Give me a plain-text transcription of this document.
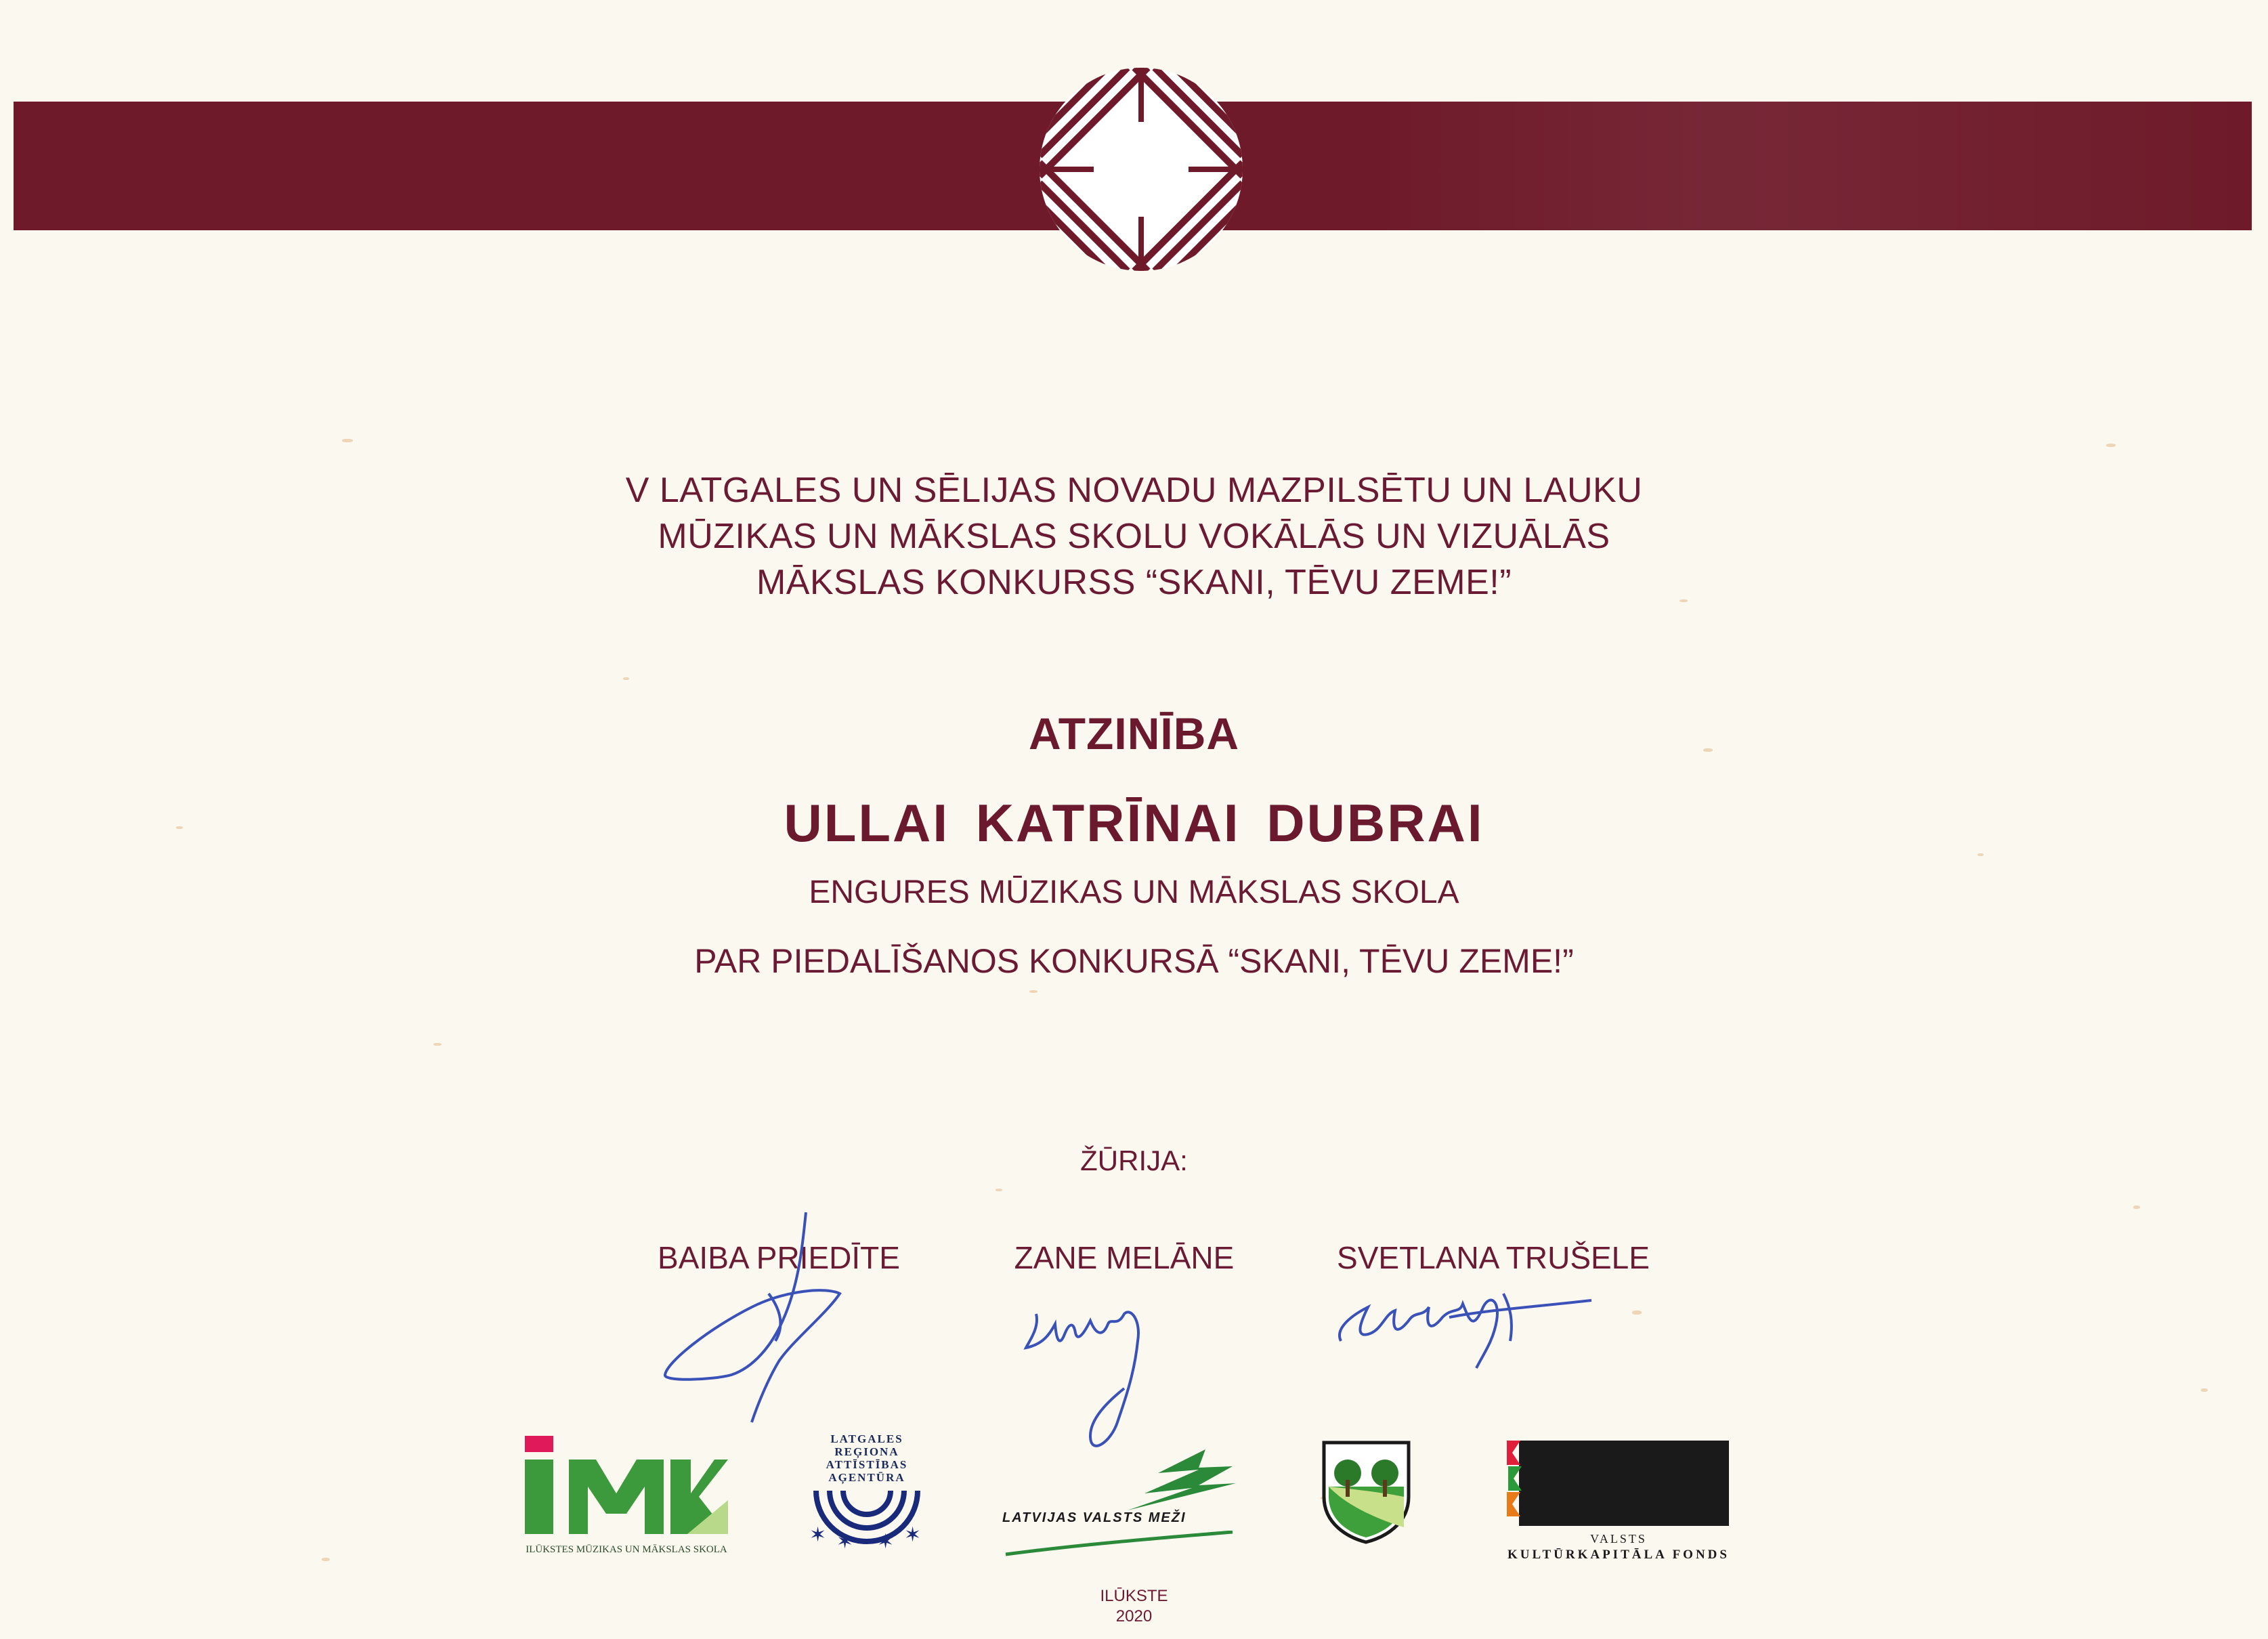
V LATGALES UN SĒLIJAS NOVADU MAZPILSĒTU UN LAUKU
MŪZIKAS UN MĀKSLAS SKOLU VOKĀLĀS UN VIZUĀLĀS
MĀKSLAS KONKURSS “SKANI, TĒVU ZEME!”
ATZINĪBA
ULLAI KATRĪNAI DUBRAI
ENGURES MŪZIKAS UN MĀKSLAS SKOLA
PAR PIEDALĪŠANOS KONKURSĀ “SKANI, TĒVU ZEME!”
ŽŪRIJA:
BAIBA PRIEDĪTE	ZANE MELĀNE	SVETLANA TRUŠELE
ILŪKSTES MŪZIKAS UN MĀKSLAS SKOLA
LATGALES
REĢIONA
ATTĪSTĪBAS
AĢENTŪRA
✶ ✶ ✶ ✶
LATVIJAS VALSTS MEŽI
VALSTS
KULTŪRKAPITĀLA FONDS
ILŪKSTE
2020
